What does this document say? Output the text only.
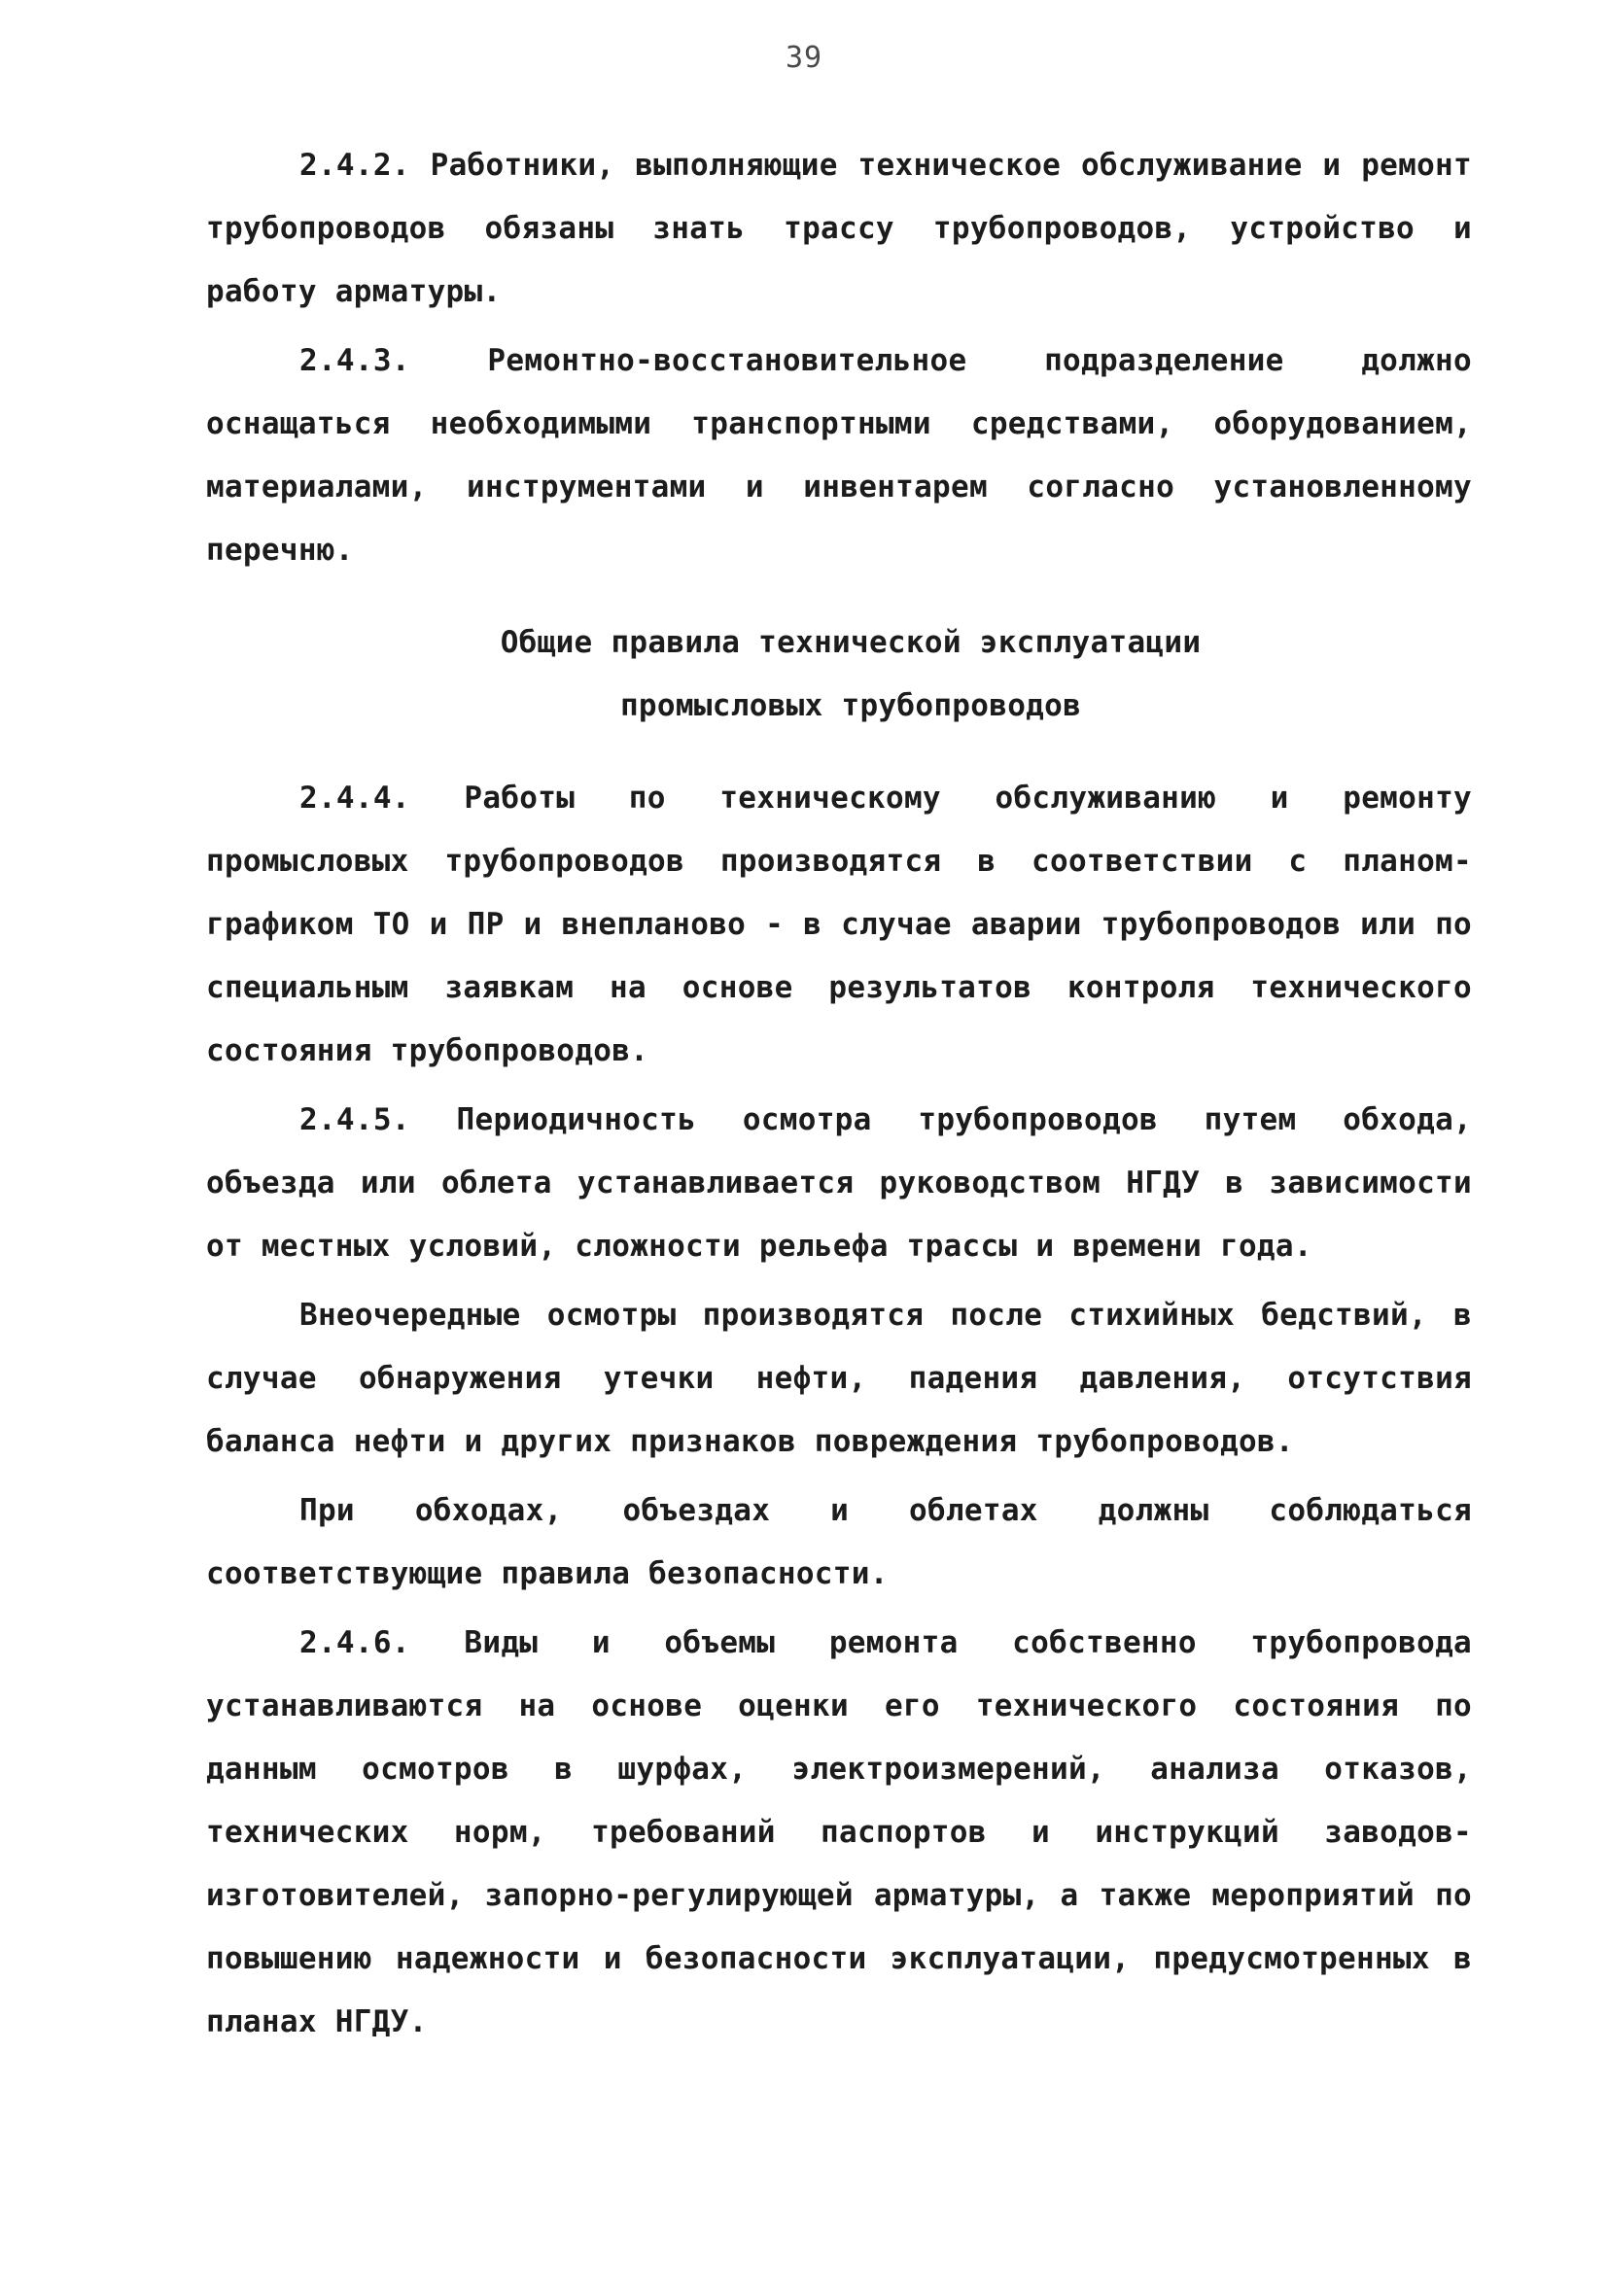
39

2.4.2. Работники, выполняющие техническое обслуживание и ремонт трубопроводов обязаны знать трассу трубопроводов, устройство и работу арматуры.

2.4.3. Ремонтно-восстановительное подразделение должно оснащаться необходимыми транспортными средствами, оборудованием, материалами, инструментами и инвентарем согласно установленному перечню.

Общие правила технической эксплуатации

промысловых трубопроводов

2.4.4. Работы по техническому обслуживанию и ремонту промысловых трубопроводов производятся в соответствии с планом-графиком ТО и ПР и внепланово - в случае аварии трубопроводов или по специальным заявкам на основе результатов контроля технического состояния трубопроводов.

2.4.5. Периодичность осмотра трубопроводов путем обхода, объезда или облета устанавливается руководством НГДУ в зависимости от местных условий, сложности рельефа трассы и времени года.

Внеочередные осмотры производятся после стихийных бедствий, в случае обнаружения утечки нефти, падения давления, отсутствия баланса нефти и других признаков повреждения трубопроводов.

При обходах, объездах и облетах должны соблюдаться соответствующие правила безопасности.

2.4.6. Виды и объемы ремонта собственно трубопровода устанавливаются на основе оценки его технического состояния по данным осмотров в шурфах, электроизмерений, анализа отказов, технических норм, требований паспортов и инструкций заводов-изготовителей, запорно-регулирующей арматуры, а также мероприятий по повышению надежности и безопасности эксплуатации, предусмотренных в планах НГДУ.
